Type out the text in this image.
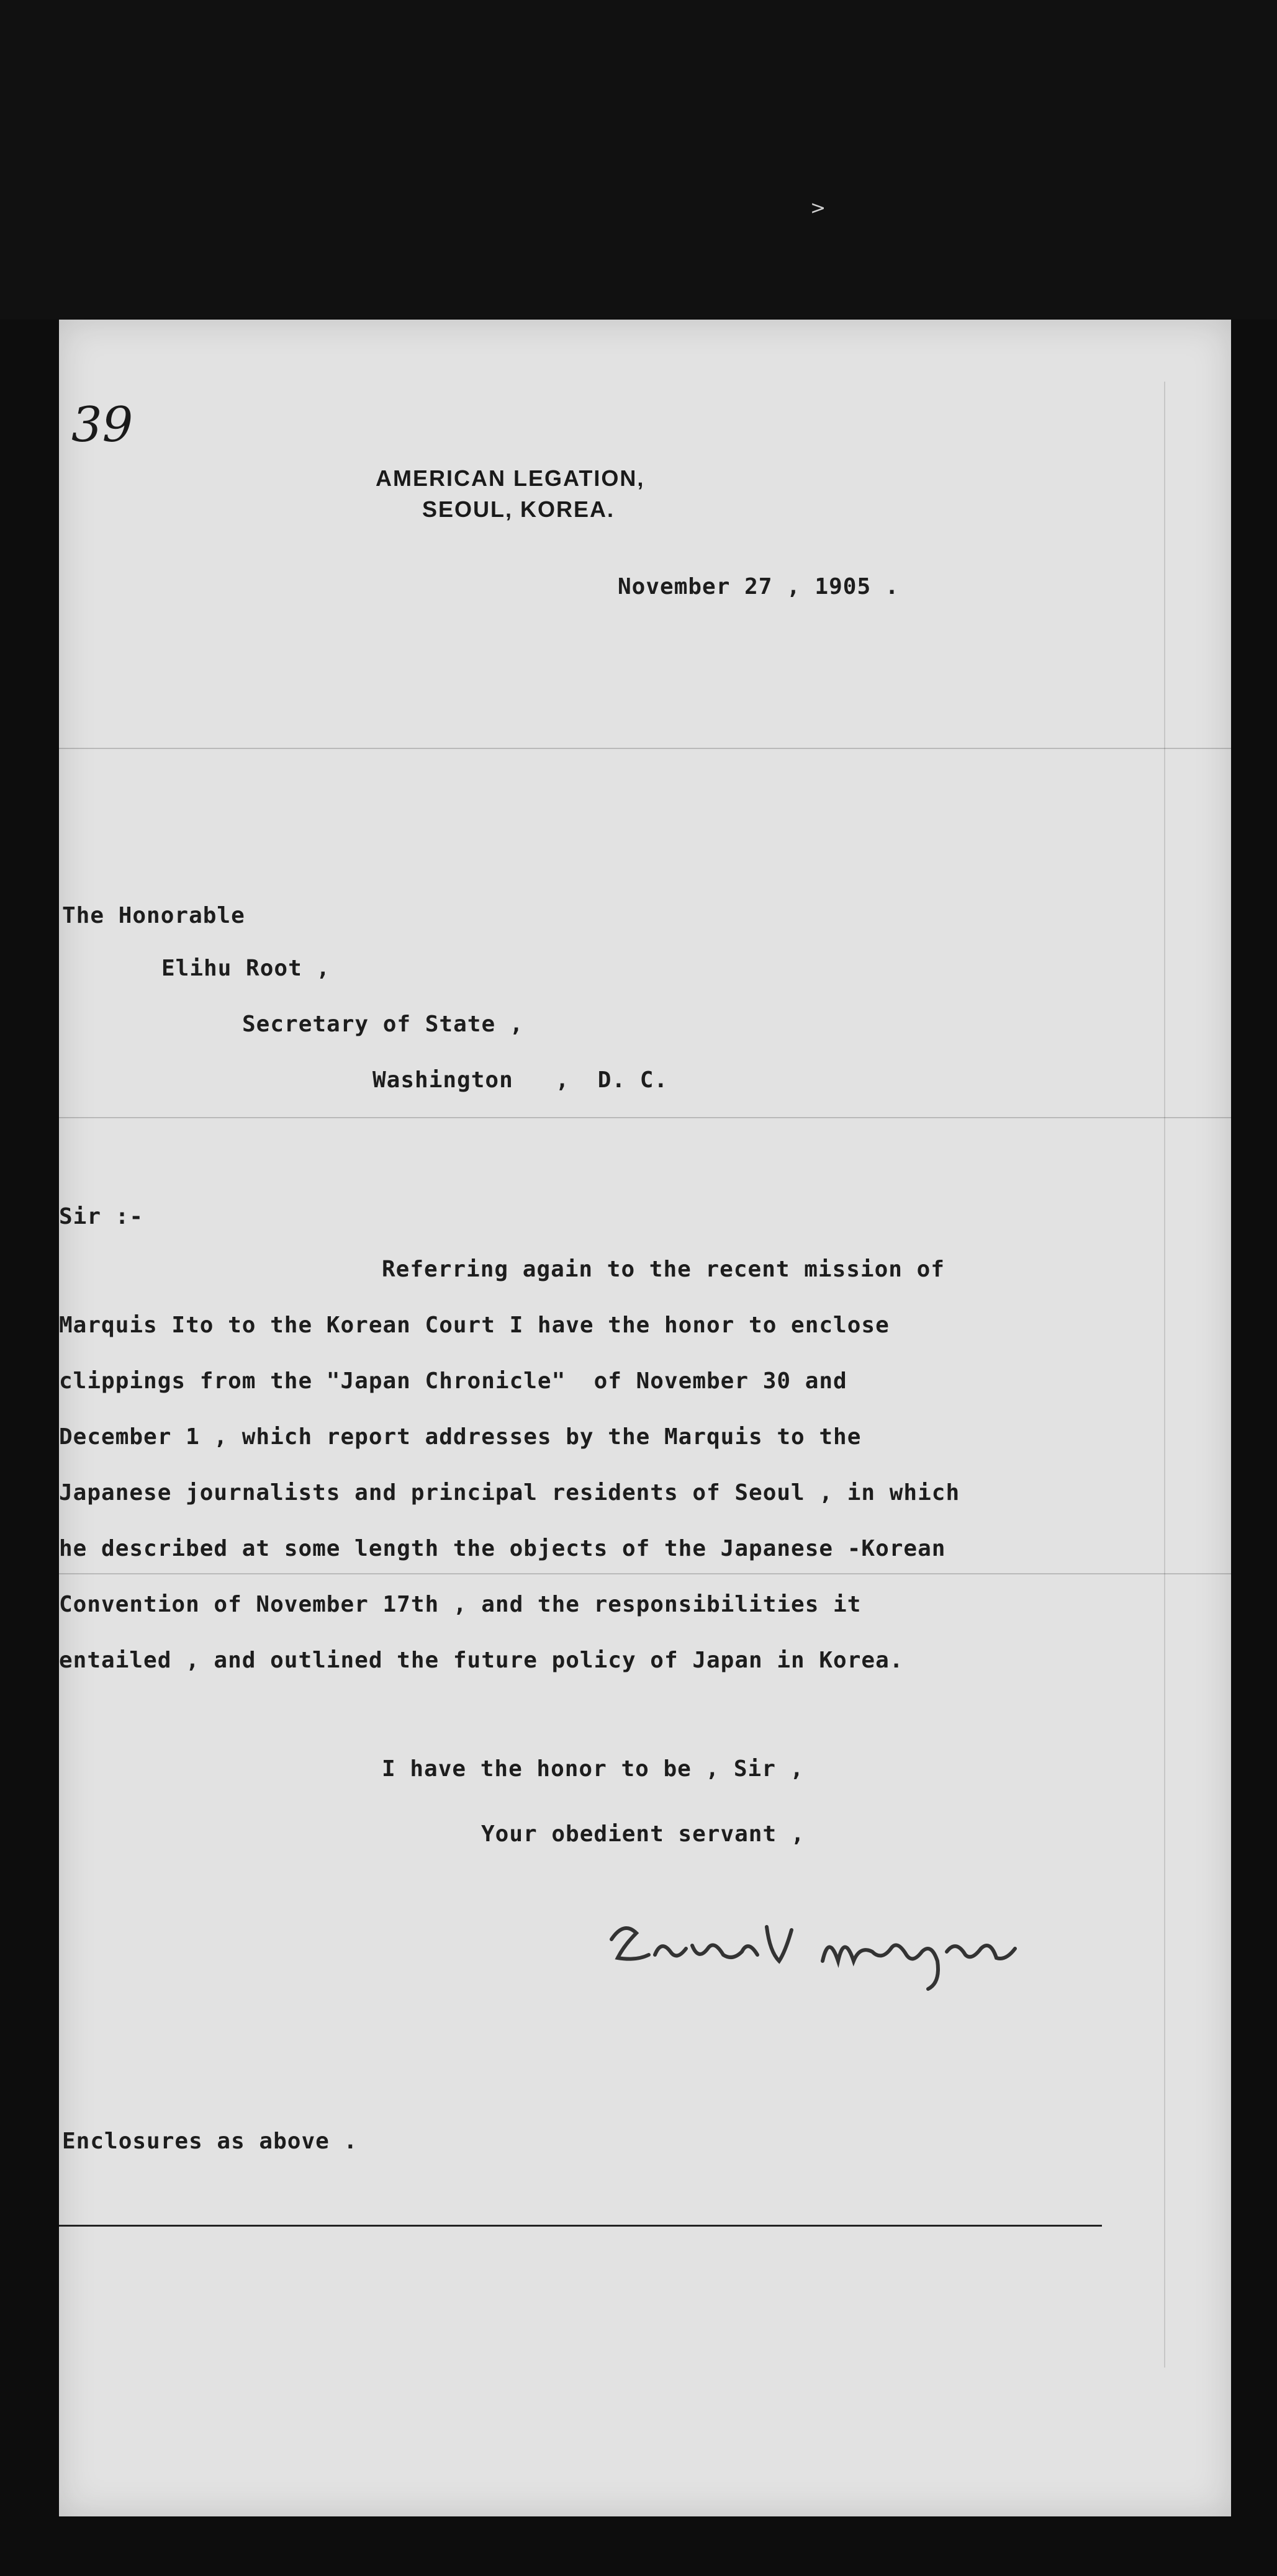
>
39
AMERICAN LEGATION,
SEOUL, KOREA.
November 27 , 1905 .
The Honorable
Elihu Root ,
Secretary of State ,
Washington   ,  D. C.
Sir :-
Referring again to the recent mission of
Marquis Ito to the Korean Court I have the honor to enclose
clippings from the "Japan Chronicle"  of November 30 and
December 1 , which report addresses by the Marquis to the
Japanese journalists and principal residents of Seoul , in which
he described at some length the objects of the Japanese -Korean
Convention of November 17th , and the responsibilities it
entailed , and outlined the future policy of Japan in Korea.
I have the honor to be , Sir ,
Your obedient servant ,
Enclosures as above .
